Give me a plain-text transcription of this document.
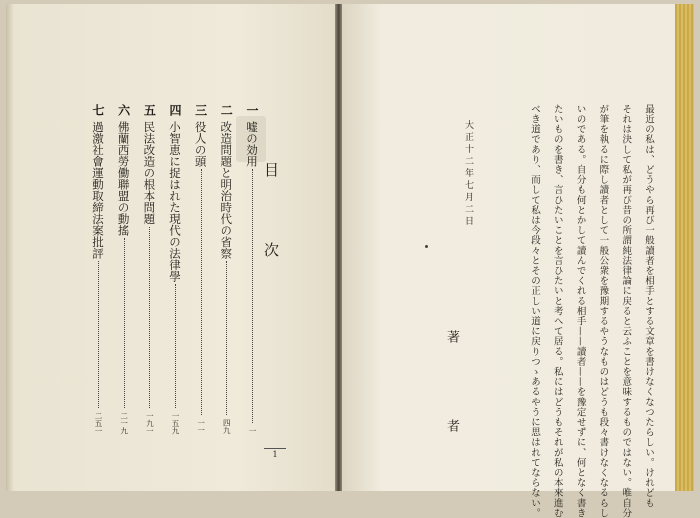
目 次
一
嘘の効用
一
二
改造問題と明治時代の省察
四九
三
役人の頭
一一
四
小智恵に捉はれた現代の法律學
一五九
五
民法改造の根本問題
一九一
六
佛蘭西勞働聯盟の動搖
二一九
七
過激社會運動取締法案批評
二五一
1	最近の私は、どうやら再び一般讀者を相手とする文章を書けなくなつたらしい。けれども
それは決して私が再び昔の所謂純法律論に戻ると云ふことを意味するものではない。唯自分
が筆を執るに際し讀者として一般公衆を豫期するやうなものはどうも段々書けなくなるらし
いのである。自分も何とかして讀んでくれる相手——讀者——を豫定せずに、何となく書き
たいものを書き、言ひたいことを言ひたいと考へて居る。私にはどうもそれが私の本來進む
べき道であり、而して私は今段々とその正しい道に戻りつゝあるやうに思はれてならない。
大正十二年七月二日
著 者
